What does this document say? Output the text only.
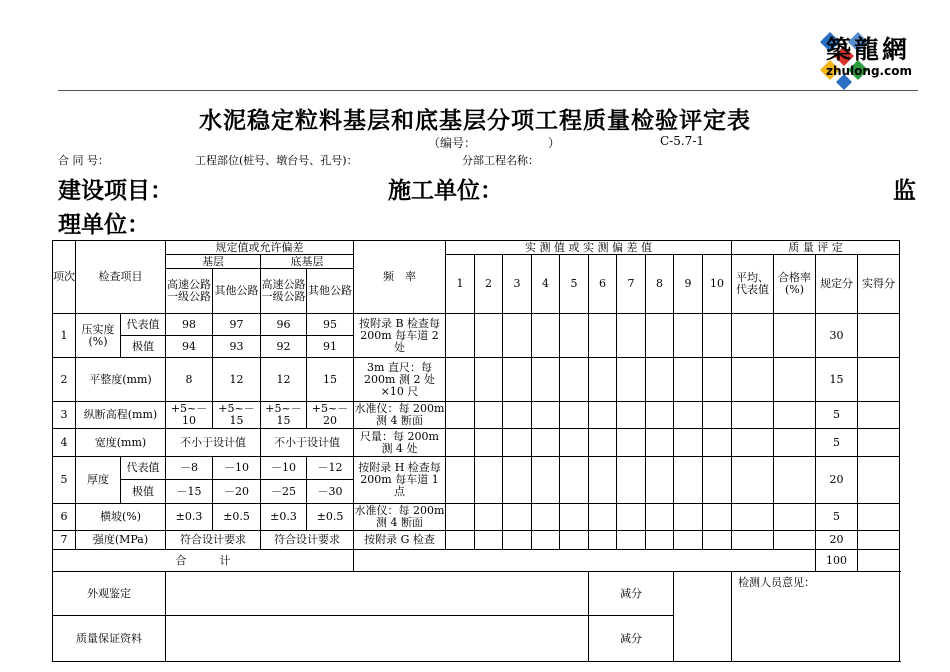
築龍網
zhulong.com
水泥稳定粒料基层和底基层分项工程质量检验评定表
（编号：	）	C-5.7-1
合 同 号：	工程部位(桩号、墩台号、孔号)：	分部工程名称：
建设项目：	施工单位：	监
理单位：
项次	检查项目		规定值或允许偏差				频　率	实 测 值 或 实 测 偏 差 值										质 量 评 定				
			基层		底基层			1	2	3	4	5	6	7	8	9	10	平均、代表值	合格率(%)	规定分	实得分	
			高速公路一级公路	其他公路	高速公路一级公路	其他公路																
1	压实度(%)	代表值	98	97	96	95	按附录 B 检查每 200m 每车道 2 处													30		
		极值	94	93	92	91																
2	平整度(mm)		8	12	12	15	3m 直尺：每 200m 测 2 处×10 尺													15		
3	纵断高程(mm)		+5~－10	+5~－15	+5~－15	+5~－20	水准仪：每 200m 测 4 断面													5		
4	宽度(mm)		不小于设计值		不小于设计值		尺量：每 200m 测 4 处													5		
5	厚度	代表值	－8	－10	－10	－12	按附录 H 检查每 200m 每车道 1 点													20		
		极值	－15	－20	－25	－30																
6	横坡(%)		±0.3	±0.5	±0.3	±0.5	水准仪：每 200m 测 4 断面													5		
7	强度(MPa)		符合设计要求		符合设计要求		按附录 G 检查													20		
合　　　计																				100		
外观鉴定													减分					检测人员意见：	
质量保证资料													减分									
